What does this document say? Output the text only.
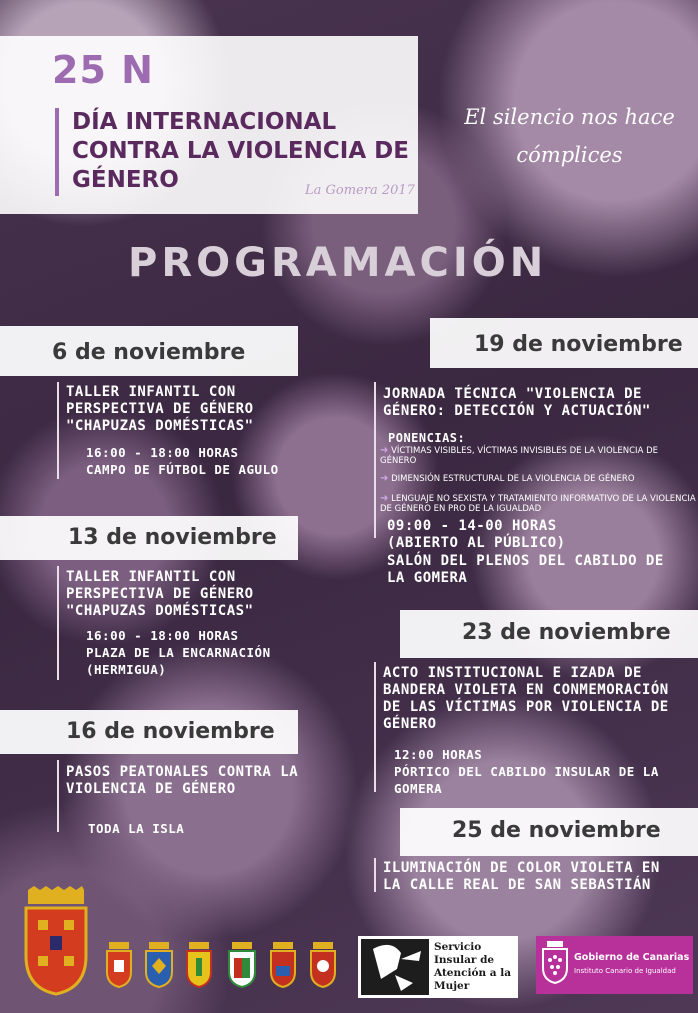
25 N
DÍA INTERNACIONAL CONTRA LA VIOLENCIA DE GÉNERO	La Gomera 2017
El silencio nos hace cómplices
PROGRAMACIÓN
6 de noviembre
TALLER INFANTIL CON PERSPECTIVA DE GÉNERO "CHAPUZAS DOMÉSTICAS"
16:00 - 18:00 HORAS
CAMPO DE FÚTBOL DE AGULO
13 de noviembre
TALLER INFANTIL CON PERSPECTIVA DE GÉNERO "CHAPUZAS DOMÉSTICAS"
16:00 - 18:00 HORAS
PLAZA DE LA ENCARNACIÓN (HERMIGUA)
16 de noviembre
PASOS PEATONALES CONTRA LA VIOLENCIA DE GÉNERO
TODA LA ISLA
19 de noviembre
JORNADA TÉCNICA "VIOLENCIA DE GÉNERO: DETECCIÓN Y ACTUACIÓN"
PONENCIAS:
➜ VÍCTIMAS VISIBLES, VÍCTIMAS INVISIBLES DE LA VIOLENCIA DE GÉNERO
➜ DIMENSIÓN ESTRUCTURAL DE LA VIOLENCIA DE GÉNERO
➜ LENGUAJE NO SEXISTA Y TRATAMIENTO INFORMATIVO DE LA VIOLENCIA DE GÉNERO EN PRO DE LA IGUALDAD
09:00 - 14-00 HORAS (ABIERTO AL PÚBLICO)
SALÓN DEL PLENOS DEL CABILDO DE LA GOMERA
23 de noviembre
ACTO INSTITUCIONAL E IZADA DE BANDERA VIOLETA EN CONMEMORACIÓN DE LAS VÍCTIMAS POR VIOLENCIA DE GÉNERO
12:00 HORAS
PÓRTICO DEL CABILDO INSULAR DE LA GOMERA
25 de noviembre
ILUMINACIÓN DE COLOR VIOLETA EN LA CALLE REAL DE SAN SEBASTIÁN
Servicio Insular de Atención a la Mujer
Gobierno de Canarias
Instituto Canario de Igualdad
